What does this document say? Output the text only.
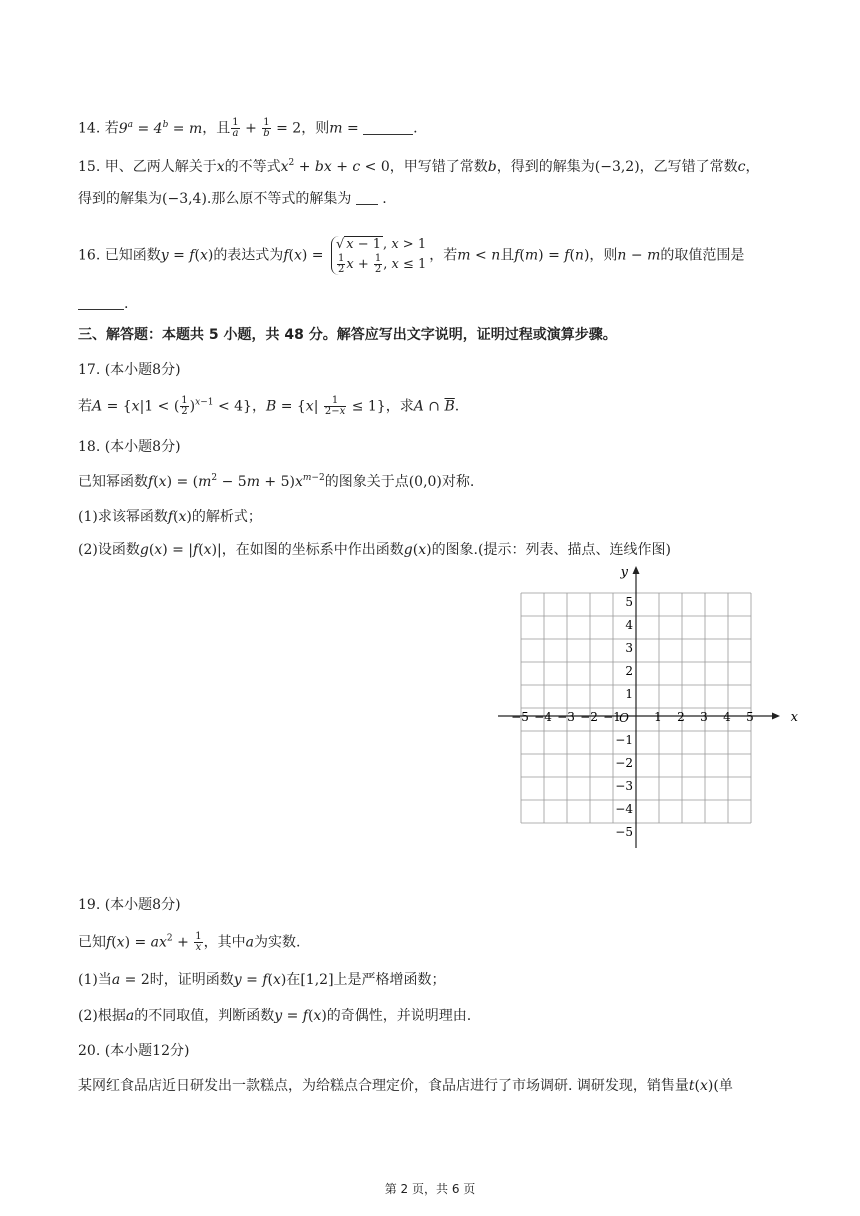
14. 若$9^a = 4^b = m$，且 $\frac{1}{a} + \frac{1}{b} = 2$，则m =	.
15. 甲、乙两人解关于x的不等式$x^2$ + bx + c < 0，甲写错了常数b，得到的解集为(−3,2)，乙写错了常数c，
得到的解集为(−3,4).那么原不等式的解集为 .
16. 已知函数y = f(x)的表达式为f(x) =
√ x − 1 , x > 1
$\frac{1}{2}$ $x + \frac{1}{2}$ , x ≤ 1
，若m < n且f(m) = f(n)，则n − m的取值范围是
.
三、解答题：本题共 5 小题，共 48 分。解答应写出文字说明，证明过程或演算步骤。
17. (本小题8分)
若A = {x|1 < ( $\frac{1}{2} )^{x-1} < 4$}，$B = \{x| \frac{1}{2-x} \le 1\}$，求A ∩ $\overline{B}$.
18. (本小题8分)
已知幂函数$f(x) = (m^2 - 5m + 5)x^{m-2}$的图象关于点(0,0)对称.
(1)求该幂函数f(x)的解析式；
(2)设函数g(x) = |f(x)|，在如图的坐标系中作出函数g(x)的图象.(提示：列表、描点、连线作图)
x
y
O
−5 −4 −3 −2 −1	1 2 3 4 5
5
4
3
2
1
−1
−2
−3
−4
−5
19. (本小题8分)
已知$f(x) = ax^2 + \frac{1}{x}$ ，其中a为实数.
(1)当a = 2时，证明函数y = f(x)在[1,2]上是严格增函数；
(2)根据a的不同取值，判断函数y = f(x)的奇偶性，并说明理由.
20. (本小题12分)
某网红食品店近日研发出一款糕点，为给糕点合理定价，食品店进行了市场调研. 调研发现，销售量t(x)(单
第 2 页，共 6 页
